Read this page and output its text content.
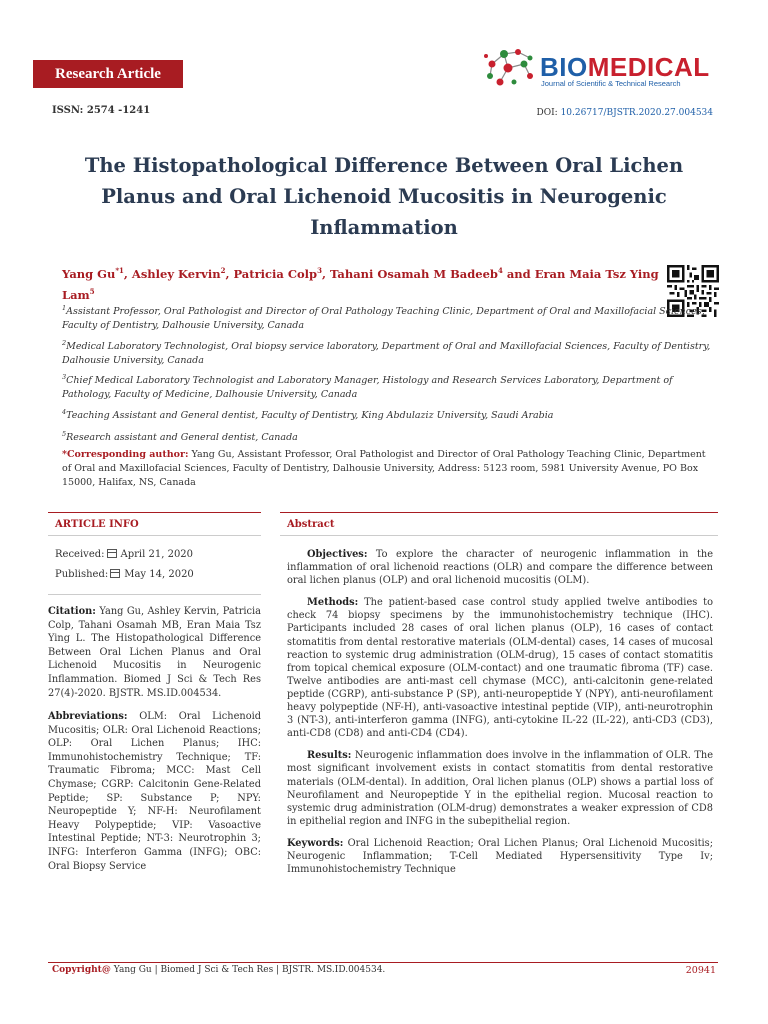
Research Article
ISSN: 2574 -1241
BIOMEDICAL
Journal of Scientific & Technical Research
DOI: 10.26717/BJSTR.2020.27.004534
The Histopathological Difference Between Oral Lichen Planus and Oral Lichenoid Mucositis in Neurogenic Inflammation
Yang Gu$^{*1}$, Ashley Kervin$^2$, Patricia Colp$^3$, Tahani Osamah M Badeeb$^4$ and Eran Maia Tsz Ying Lam$^5$
$^1$Assistant Professor, Oral Pathologist and Director of Oral Pathology Teaching Clinic, Department of Oral and Maxillofacial Sciences, Faculty of Dentistry, Dalhousie University, Canada
$^2$Medical Laboratory Technologist, Oral biopsy service laboratory, Department of Oral and Maxillofacial Sciences, Faculty of Dentistry, Dalhousie University, Canada
$^3$Chief Medical Laboratory Technologist and Laboratory Manager, Histology and Research Services Laboratory, Department of Pathology, Faculty of Medicine, Dalhousie University, Canada
$^4$Teaching Assistant and General dentist, Faculty of Dentistry, King Abdulaziz University, Saudi Arabia
$^5$Research assistant and General dentist, Canada
*Corresponding author: Yang Gu, Assistant Professor, Oral Pathologist and Director of Oral Pathology Teaching Clinic, Department of Oral and Maxillofacial Sciences, Faculty of Dentistry, Dalhousie University, Address: 5123 room, 5981 University Avenue, PO Box 15000, Halifax, NS, Canada
ARTICLE INFO
Received: April 21, 2020
Published: May 14, 2020
Citation: Yang Gu, Ashley Kervin, Patricia Colp, Tahani Osamah MB, Eran Maia Tsz Ying L. The Histopathological Difference Between Oral Lichen Planus and Oral Lichenoid Mucositis in Neurogenic Inflammation. Biomed J Sci & Tech Res 27(4)-2020. BJSTR. MS.ID.004534.
Abbreviations: OLM: Oral Lichenoid Mucositis; OLR: Oral Lichenoid Reactions; OLP: Oral Lichen Planus; IHC: Immunohistochemistry Technique; TF: Traumatic Fibroma; MCC: Mast Cell Chymase; CGRP: Calcitonin Gene-Related Peptide; SP: Substance P; NPY: Neuropeptide Y; NF-H: Neurofilament Heavy Polypeptide; VIP: Vasoactive Intestinal Peptide; NT-3: Neurotrophin 3; INFG: Interferon Gamma (INFG); OBC: Oral Biopsy Service
Abstract

Objectives: To explore the character of neurogenic inflammation in the inflammation of oral lichenoid reactions (OLR) and compare the difference between oral lichen planus (OLP) and oral lichenoid mucositis (OLM).

Methods: The patient-based case control study applied twelve antibodies to check 74 biopsy specimens by the immunohistochemistry technique (IHC). Participants included 28 cases of oral lichen planus (OLP), 16 cases of contact stomatitis from dental restorative materials (OLM-dental) cases, 14 cases of mucosal reaction to systemic drug administration (OLM-drug), 15 cases of contact stomatitis from topical chemical exposure (OLM-contact) and one traumatic fibroma (TF) case. Twelve antibodies are anti-mast cell chymase (MCC), anti-calcitonin gene-related peptide (CGRP), anti-substance P (SP), anti-neuropeptide Y (NPY), anti-neurofilament heavy polypeptide (NF-H), anti-vasoactive intestinal peptide (VIP), anti-neurotrophin 3 (NT-3), anti-interferon gamma (INFG), anti-cytokine IL-22 (IL-22), anti-CD3 (CD3), anti-CD8 (CD8) and anti-CD4 (CD4).

Results: Neurogenic inflammation does involve in the inflammation of OLR. The most significant involvement exists in contact stomatitis from dental restorative materials (OLM-dental). In addition, Oral lichen planus (OLP) shows a partial loss of Neurofilament and Neuropeptide Y in the epithelial region. Mucosal reaction to systemic drug administration (OLM-drug) demonstrates a weaker expression of CD8 in epithelial region and INFG in the subepithelial region.

Keywords: Oral Lichenoid Reaction; Oral Lichen Planus; Oral Lichenoid Mucositis; Neurogenic Inflammation; T-Cell Mediated Hypersensitivity Type Iv; Immunohistochemistry Technique

Copyright@ Yang Gu | Biomed J Sci & Tech Res | BJSTR. MS.ID.004534.	20941
